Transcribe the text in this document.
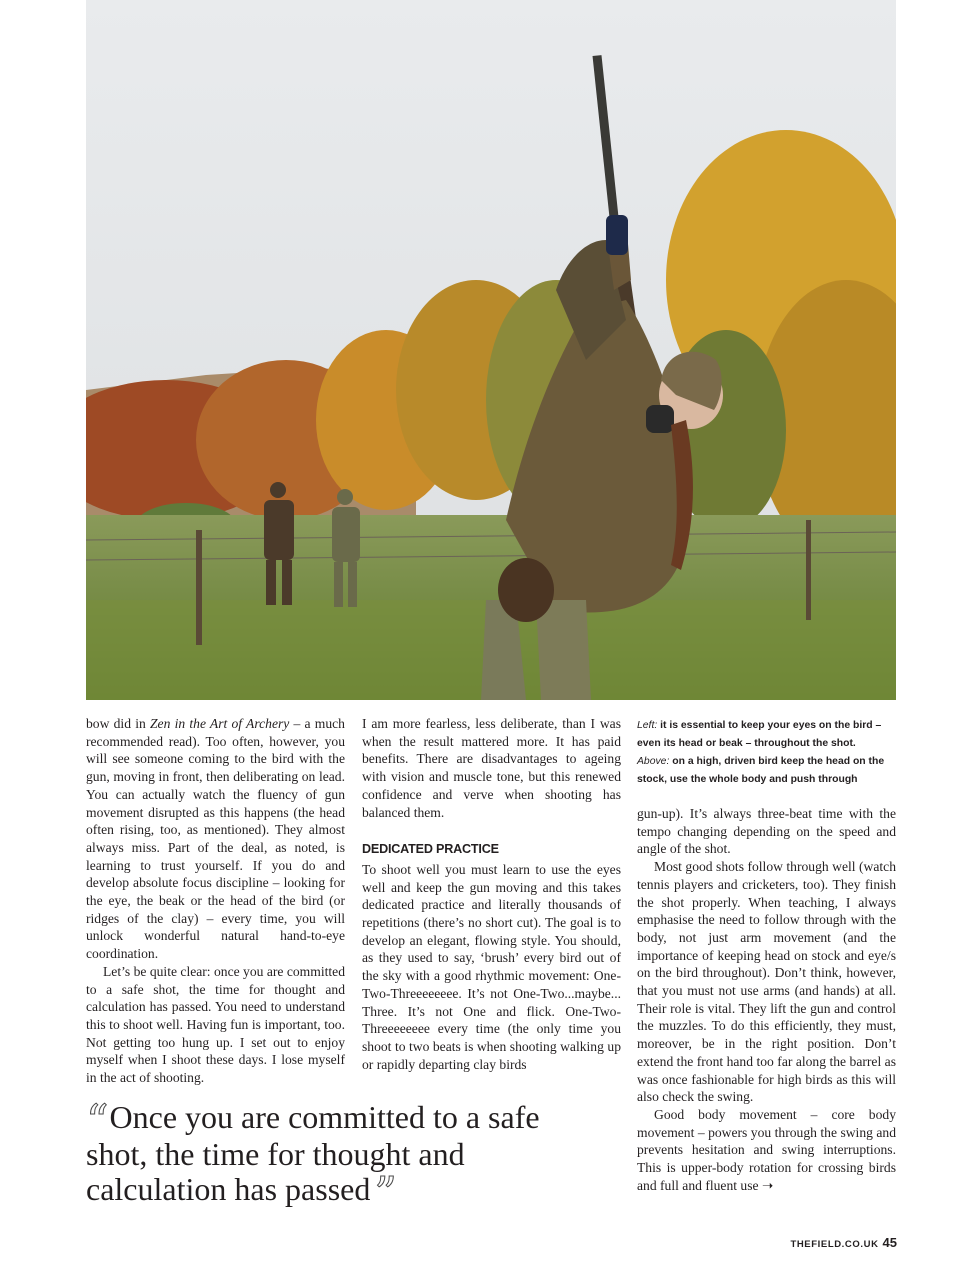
bow did in Zen in the Art of Archery – a much recommended read). Too often, however, you will see someone coming to the bird with the gun, moving in front, then deliberating on lead. You can actually watch the fluency of gun movement disrupted as this happens (the head often rising, too, as mentioned). They almost always miss. Part of the deal, as noted, is learning to trust yourself. If you do and develop absolute focus discipline – looking for the eye, the beak or the head of the bird (or ridges of the clay) – every time, you will unlock wonderful natural hand-to-eye coordination.

Let’s be quite clear: once you are committed to a safe shot, the time for thought and calculation has passed. You need to understand this to shoot well. Having fun is important, too. Not getting too hung up. I set out to enjoy myself when I shoot these days. I lose myself in the act of shooting.

I am more fearless, less deliberate, than I was when the result mattered more. It has paid benefits. There are disadvantages to ageing with vision and muscle tone, but this renewed confidence and verve when shooting has balanced them.

DEDICATED PRACTICE

To shoot well you must learn to use the eyes well and keep the gun moving and this takes dedicated practice and literally thousands of repetitions (there’s no short cut). The goal is to develop an elegant, flowing style. You should, as they used to say, ‘brush’ every bird out of the sky with a good rhythmic movement: One-Two-Threeeeeeee. It’s not One-Two...maybe... Three. It’s not One and flick. One-Two-Threeeeeeee every time (the only time you shoot to two beats is when shooting walking up or rapidly departing clay birds

Left: it is essential to keep your eyes on the bird – even its head or beak – throughout the shot.
Above: on a high, driven bird keep the head on the stock, use the whole body and push through

gun-up). It’s always three-beat time with the tempo changing depending on the speed and angle of the shot.

Most good shots follow through well (watch tennis players and cricketers, too). They finish the shot properly. When teaching, I always emphasise the need to follow through with the body, not just arm movement (and the importance of keeping head on stock and eye/s on the bird throughout). Don’t think, however, that you must not use arms (and hands) at all. Their role is vital. They lift the gun and control the muzzles. To do this efficiently, they must, moreover, be in the right position. Don’t extend the front hand too far along the barrel as was once fashionable for high birds as this will also check the swing.

Good body movement – core body movement – powers you through the swing and prevents hesitation and swing interruptions. This is upper-body rotation for crossing birds and full and fluent use ➝

“ Once you are committed to a safe shot, the time for thought and calculation has passed”
THEFIELD.CO.UK 45
